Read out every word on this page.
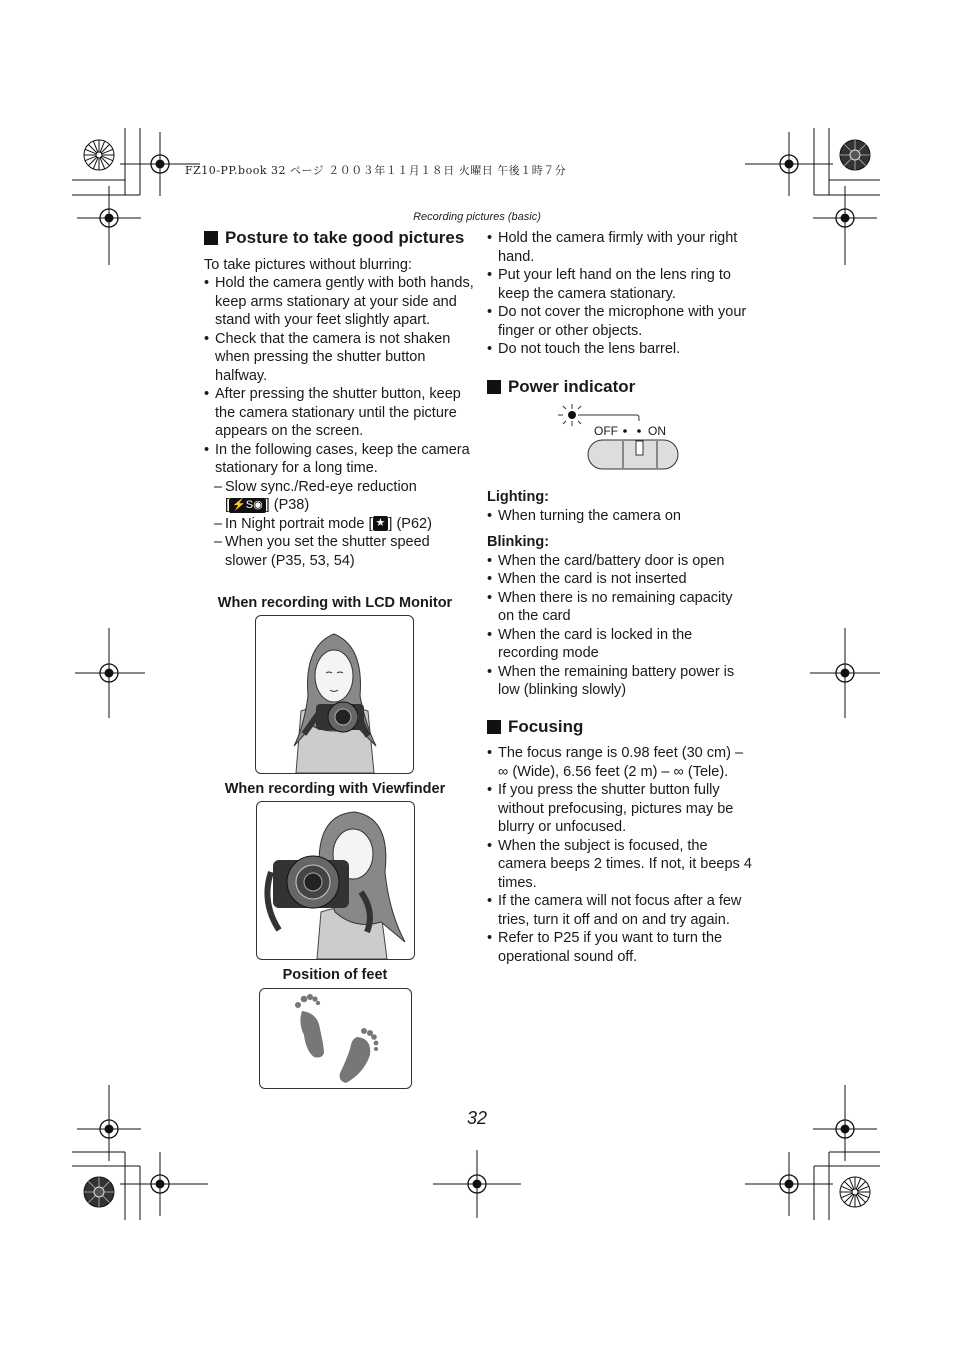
FZ10-PP.book 32 ページ ２００３年１１月１８日 火曜日 午後１時７分
Recording pictures (basic)
Posture to take good pictures

To take pictures without blurring:

• Hold the camera gently with both hands, keep arms stationary at your side and stand with your feet slightly apart.
• Check that the camera is not shaken when pressing the shutter button halfway.
• After pressing the shutter button, keep the camera stationary until the picture appears on the screen.
• In the following cases, keep the camera stationary for a long time.
– Slow sync./Red-eye reduction
[ ⚡S◉ ] (P38)
– In Night portrait mode [ ★ ] (P62)
– When you set the shutter speed slower (P35, 53, 54)
When recording with LCD Monitor
When recording with Viewfinder
Position of feet
• Hold the camera firmly with your right hand.
• Put your left hand on the lens ring to keep the camera stationary.
• Do not cover the microphone with your finger or other objects.
• Do not touch the lens barrel.
Power indicator
OFF	ON

Lighting:

• When turning the camera on

Blinking:

• When the card/battery door is open
• When the card is not inserted
• When there is no remaining capacity on the card
• When the card is locked in the recording mode
• When the remaining battery power is low (blinking slowly)
Focusing
• The focus range is 0.98 feet (30 cm) – ∞ (Wide), 6.56 feet (2 m) – ∞ (Tele).
• If you press the shutter button fully without prefocusing, pictures may be blurry or unfocused.
• When the subject is focused, the camera beeps 2 times. If not, it beeps 4 times.
• If the camera will not focus after a few tries, turn it off and on and try again.
• Refer to P25 if you want to turn the operational sound off.
32
